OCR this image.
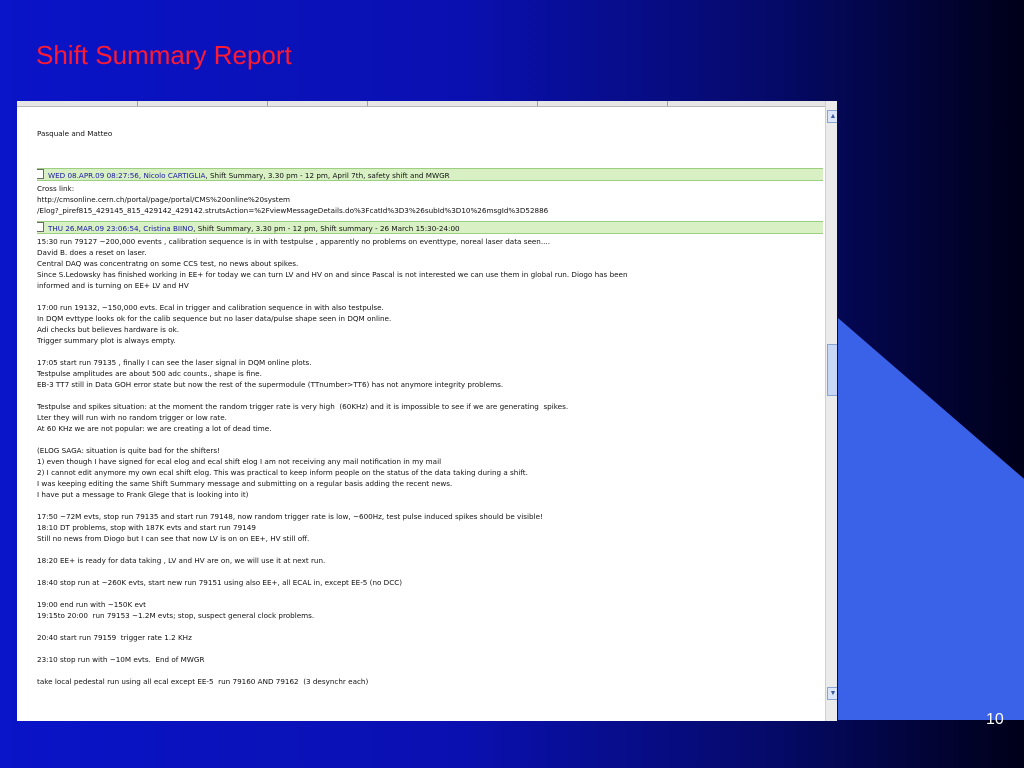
Shift Summary Report
Pasquale and Matteo
WED 08.APR.09 08:27:56, Nicolo CARTIGLIA, Shift Summary, 3.30 pm - 12 pm, April 7th, safety shift and MWGR
Cross link:
http://cmsonline.cern.ch/portal/page/portal/CMS%20online%20system
/Elog?_piref815_429145_815_429142_429142.strutsAction=%2FviewMessageDetails.do%3FcatId%3D3%26subId%3D10%26msgId%3D52886
THU 26.MAR.09 23:06:54, Cristina BIINO, Shift Summary, 3.30 pm - 12 pm, Shift summary - 26 March 15:30-24:00
15:30 run 79127 ~200,000 events , calibration sequence is in with testpulse , apparently no problems on eventtype, noreal laser data seen....
David B. does a reset on laser.
Central DAQ was concentratng on some CCS test, no news about spikes.
Since S.Ledowsky has finished working in EE+ for today we can turn LV and HV on and since Pascal is not interested we can use them in global run. Diogo has been
informed and is turning on EE+ LV and HV

17:00 run 19132, ~150,000 evts. Ecal in trigger and calibration sequence in with also testpulse.
In DQM evttype looks ok for the calib sequence but no laser data/pulse shape seen in DQM online.
Adi checks but believes hardware is ok.
Trigger summary plot is always empty.

17:05 start run 79135 , finally I can see the laser signal in DQM online plots.
Testpulse amplitudes are about 500 adc counts., shape is fine.
EB-3 TT7 still in Data GOH error state but now the rest of the supermodule (TTnumber>TT6) has not anymore integrity problems.

Testpulse and spikes situation: at the moment the random trigger rate is very high  (60KHz) and it is impossible to see if we are generating  spikes.
Lter they will run wirh no random trigger or low rate.
At 60 KHz we are not popular: we are creating a lot of dead time.

(ELOG SAGA: situation is quite bad for the shifters!
1) even though I have signed for ecal elog and ecal shift elog I am not receiving any mail notification in my mail
2) I cannot edit anymore my own ecal shift elog. This was practical to keep inform people on the status of the data taking during a shift.
I was keeping editing the same Shift Summary message and submitting on a regular basis adding the recent news.
I have put a message to Frank Glege that is looking into it)

17:50 ~72M evts, stop run 79135 and start run 79148, now random trigger rate is low, ~600Hz, test pulse induced spikes should be visible!
18:10 DT problems, stop with 187K evts and start run 79149
Still no news from Diogo but I can see that now LV is on on EE+, HV still off.

18:20 EE+ is ready for data taking , LV and HV are on, we will use it at next run.

18:40 stop run at ~260K evts, start new run 79151 using also EE+, all ECAL in, except EE-5 (no DCC)

19:00 end run with ~150K evt
19:15to 20:00  run 79153 ~1.2M evts; stop, suspect general clock problems.

20:40 start run 79159  trigger rate 1.2 KHz

23:10 stop run with ~10M evts.  End of MWGR

take local pedestal run using all ecal except EE-5  run 79160 AND 79162  (3 desynchr each)
▲
▼
10
